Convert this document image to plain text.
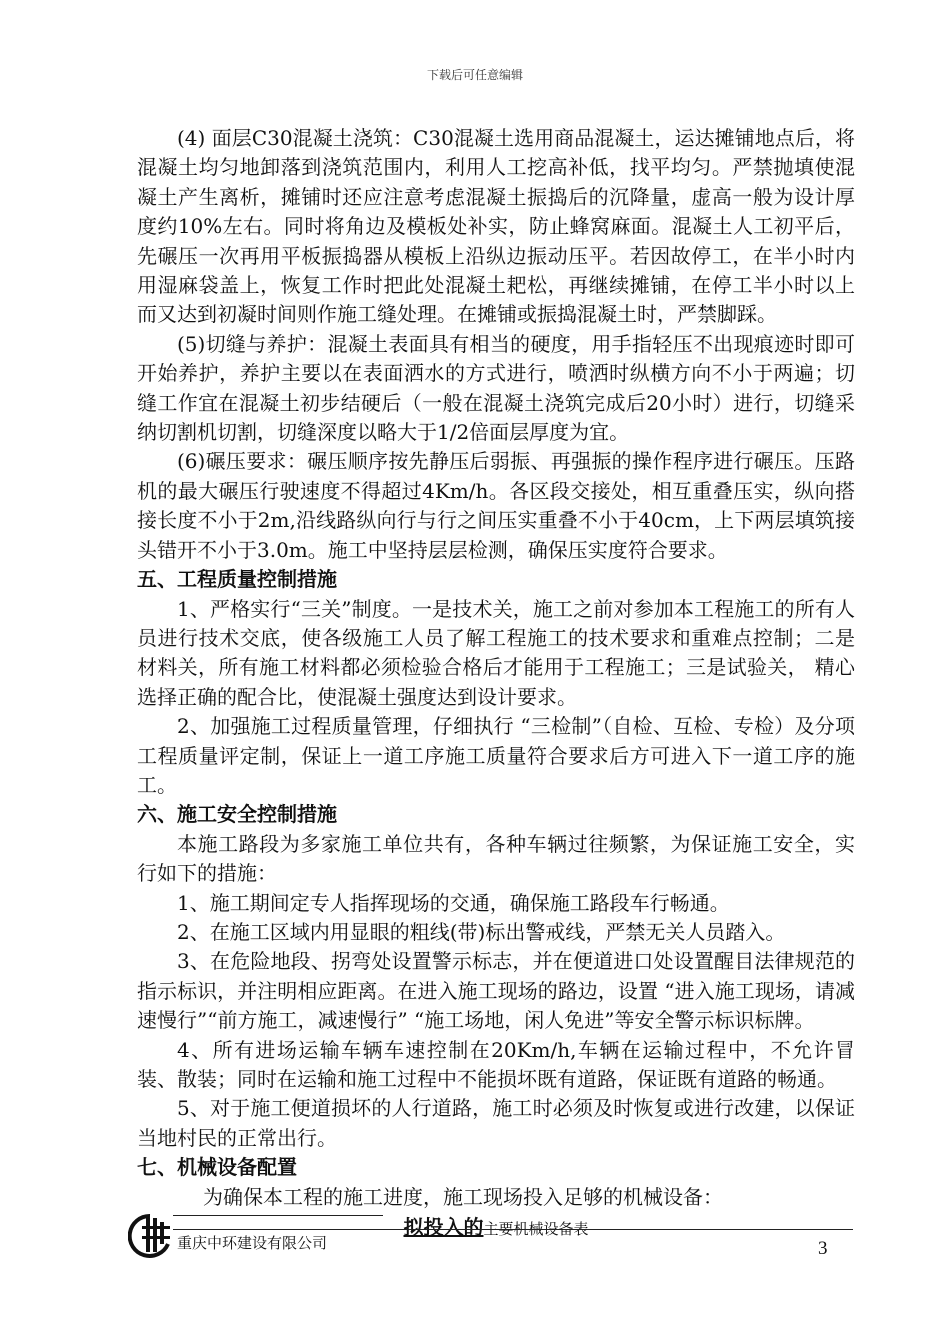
下载后可任意编辑

(4) 面层C30混凝土浇筑：C30混凝土选用商品混凝土，运达摊铺地点后，将混凝土均匀地卸落到浇筑范围内，利用人工挖高补低，找平均匀。严禁抛填使混凝土产生离析，摊铺时还应注意考虑混凝土振捣后的沉降量，虚高一般为设计厚度约10%左右。同时将角边及模板处补实，防止蜂窝麻面。混凝土人工初平后，先碾压一次再用平板振捣器从模板上沿纵边振动压平。若因故停工，在半小时内用湿麻袋盖上，恢复工作时把此处混凝土耙松，再继续摊铺，在停工半小时以上而又达到初凝时间则作施工缝处理。在摊铺或振捣混凝土时，严禁脚踩。

(5)切缝与养护：混凝土表面具有相当的硬度，用手指轻压不出现痕迹时即可开始养护，养护主要以在表面洒水的方式进行，喷洒时纵横方向不小于两遍；切缝工作宜在混凝土初步结硬后（一般在混凝土浇筑完成后20小时）进行，切缝采纳切割机切割，切缝深度以略大于1/2倍面层厚度为宜。

(6)碾压要求：碾压顺序按先静压后弱振、再强振的操作程序进行碾压。压路机的最大碾压行驶速度不得超过4Km/h。各区段交接处，相互重叠压实，纵向搭接长度不小于2m,沿线路纵向行与行之间压实重叠不小于40cm，上下两层填筑接头错开不小于3.0m。施工中坚持层层检测，确保压实度符合要求。

五、工程质量控制措施

1、严格实行“三关”制度。一是技术关，施工之前对参加本工程施工的所有人员进行技术交底，使各级施工人员了解工程施工的技术要求和重难点控制；二是材料关，所有施工材料都必须检验合格后才能用于工程施工；三是试验关， 精心选择正确的配合比，使混凝土强度达到设计要求。

2、加强施工过程质量管理，仔细执行 “三检制”（自检、互检、专检）及分项工程质量评定制，保证上一道工序施工质量符合要求后方可进入下一道工序的施工。

六、施工安全控制措施

本施工路段为多家施工单位共有，各种车辆过往频繁，为保证施工安全，实行如下的措施：

1、施工期间定专人指挥现场的交通，确保施工路段车行畅通。

2、在施工区域内用显眼的粗线(带)标出警戒线，严禁无关人员踏入。

3、在危险地段、拐弯处设置警示标志，并在便道进口处设置醒目法律规范的指示标识，并注明相应距离。在进入施工现场的路边，设置 “进入施工现场，请减速慢行”“前方施工，减速慢行” “施工场地，闲人免进”等安全警示标识标牌。

4、所有进场运输车辆车速控制在20Km/h,车辆在运输过程中，不允许冒装、散装；同时在运输和施工过程中不能损坏既有道路，保证既有道路的畅通。

5、对于施工便道损坏的人行道路，施工时必须及时恢复或进行改建，以保证当地村民的正常出行。

七、机械设备配置

为确保本工程的施工进度，施工现场投入足够的机械设备：

拟投入的主要机械设备表

重庆中环建设有限公司	3
